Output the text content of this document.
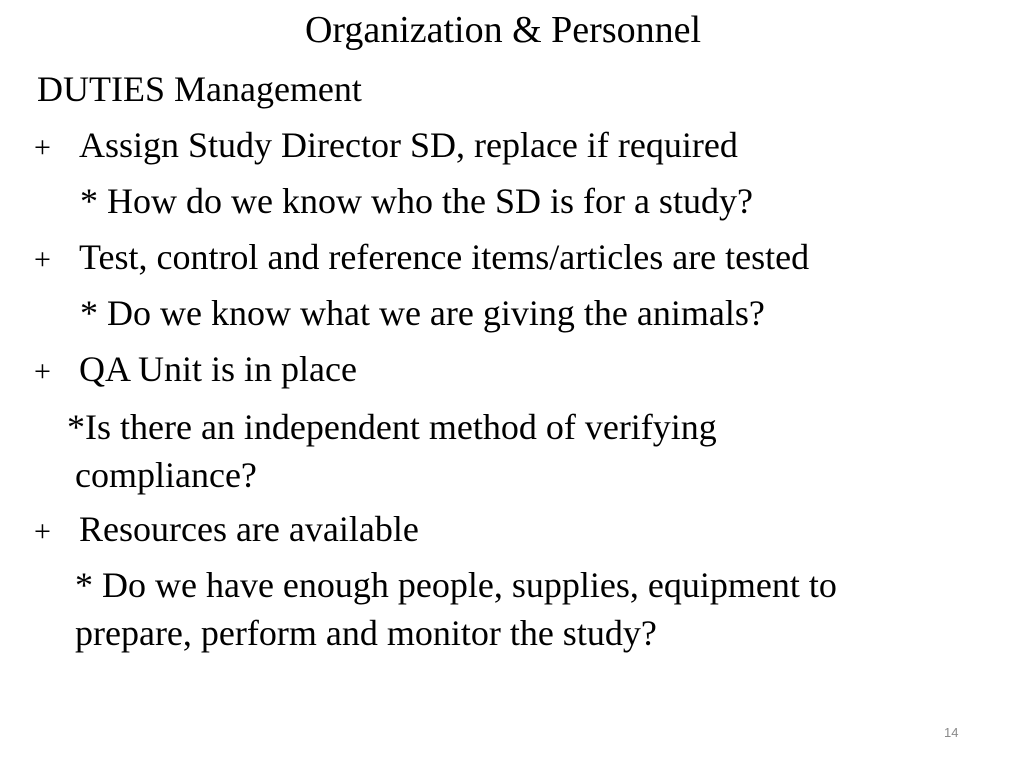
Organization & Personnel
DUTIES Management
+ Assign Study Director SD, replace if required
* How do we know who the SD is for a study?
+ Test, control and reference items/articles are tested
* Do we know what we are giving the animals?
+ QA Unit is in place
*Is there an independent method of verifying
compliance?
+ Resources are available
* Do we have enough people, supplies, equipment to
prepare, perform and monitor the study?
14
